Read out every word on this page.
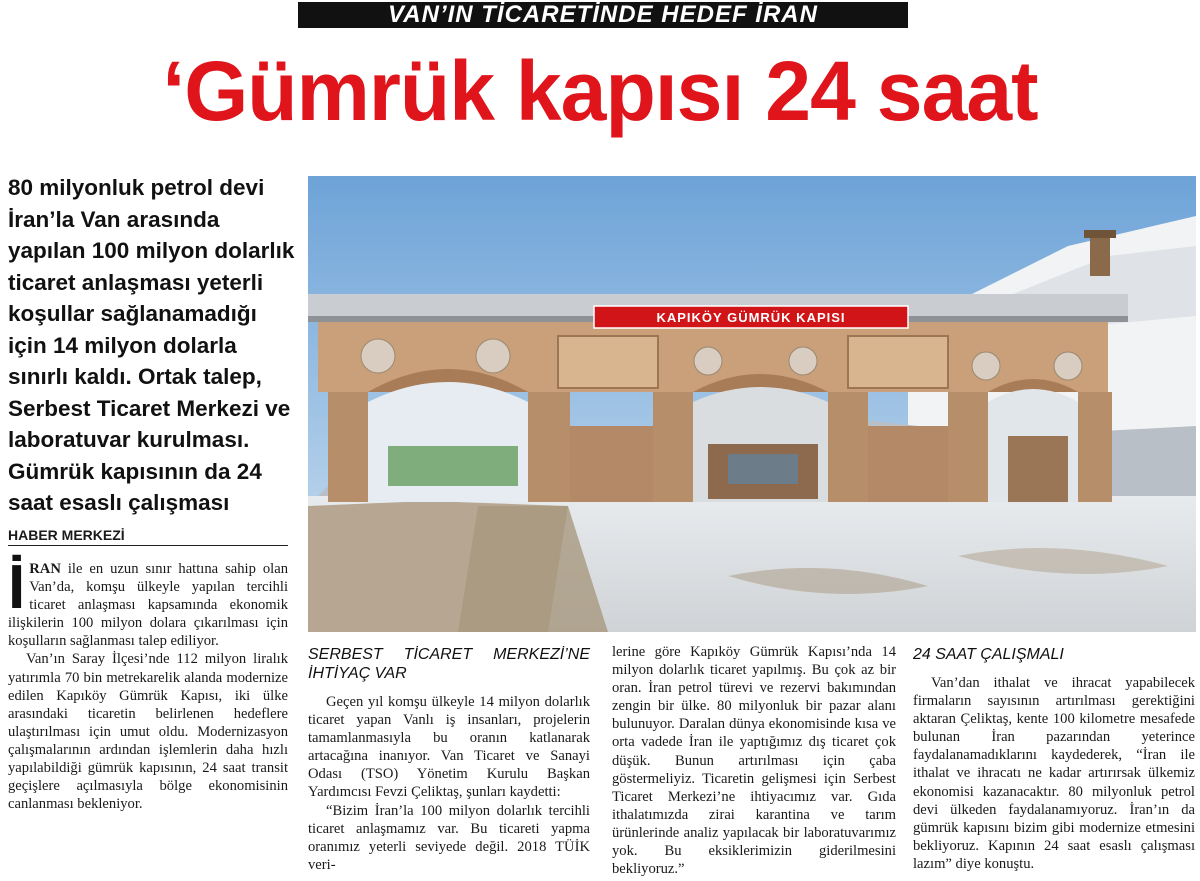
VAN’IN TİCARETİNDE HEDEF İRAN
‘Gümrük kapısı 24 saat
80 milyonluk petrol devi İran’la Van arasında yapılan 100 milyon dolarlık ticaret anlaşması yeterli koşullar sağlanamadığı için 14 milyon dolarla sınırlı kaldı. Ortak talep, Serbest Ticaret Merkezi ve laboratuvar kurulması. Gümrük kapısının da 24 saat esaslı çalışması
HABER MERKEZİ
KAPIKÖY GÜMRÜK KAPISI

İ RAN ile en uzun sınır hattına sahip olan Van’da, komşu ülkeyle yapılan tercihli ticaret anlaşması kapsamında ekonomik ilişkilerin 100 milyon dolara çıkarılması için koşulların sağlanması talep ediliyor.

Van’ın Saray İlçesi’nde 112 milyon liralık yatırımla 70 bin metrekarelik alanda modernize edilen Kapıköy Gümrük Kapısı, iki ülke arasındaki ticaretin belirlenen hedeflere ulaştırılması için umut oldu. Modernizasyon çalışmalarının ardından işlemlerin daha hızlı yapılabildiği gümrük kapısının, 24 saat transit geçişlere açılmasıyla bölge ekonomisinin canlanması bekleniyor.

SERBEST TİCARET MERKEZİ’NE İHTİYAÇ VAR

Geçen yıl komşu ülkeyle 14 milyon dolarlık ticaret yapan Vanlı iş insanları, projelerin tamamlanmasıyla bu oranın katlanarak artacağına inanıyor. Van Ticaret ve Sanayi Odası (TSO) Yönetim Kurulu Başkan Yardımcısı Fevzi Çeliktaş, şunları kaydetti:

“Bizim İran’la 100 milyon dolarlık tercihli ticaret anlaşmamız var. Bu ticareti yapma oranımız yeterli seviyede değil. 2018 TÜİK veri-

lerine göre Kapıköy Gümrük Kapısı’nda 14 milyon dolarlık ticaret yapılmış. Bu çok az bir oran. İran petrol türevi ve rezervi bakımından zengin bir ülke. 80 milyonluk bir pazar alanı bulunuyor. Daralan dünya ekonomisinde kısa ve orta vadede İran ile yaptığımız dış ticaret çok düşük. Bunun artırılması için çaba göstermeliyiz. Ticaretin gelişmesi için Serbest Ticaret Merkezi’ne ihtiyacımız var. Gıda ithalatımızda zirai karantina ve tarım ürünlerinde analiz yapılacak bir laboratuvarımız yok. Bu eksiklerimizin giderilmesini bekliyoruz.”

24 SAAT ÇALIŞMALI

Van’dan ithalat ve ihracat yapabilecek firmaların sayısının artırılması gerektiğini aktaran Çeliktaş, kente 100 kilometre mesafede bulunan İran pazarından yeterince faydalanamadıklarını kaydederek, “İran ile ithalat ve ihracatı ne kadar artırırsak ülkemiz ekonomisi kazanacaktır. 80 milyonluk petrol devi ülkeden faydalanamıyoruz. İran’ın da gümrük kapısını bizim gibi modernize etmesini bekliyoruz. Kapının 24 saat esaslı çalışması lazım” diye konuştu.
